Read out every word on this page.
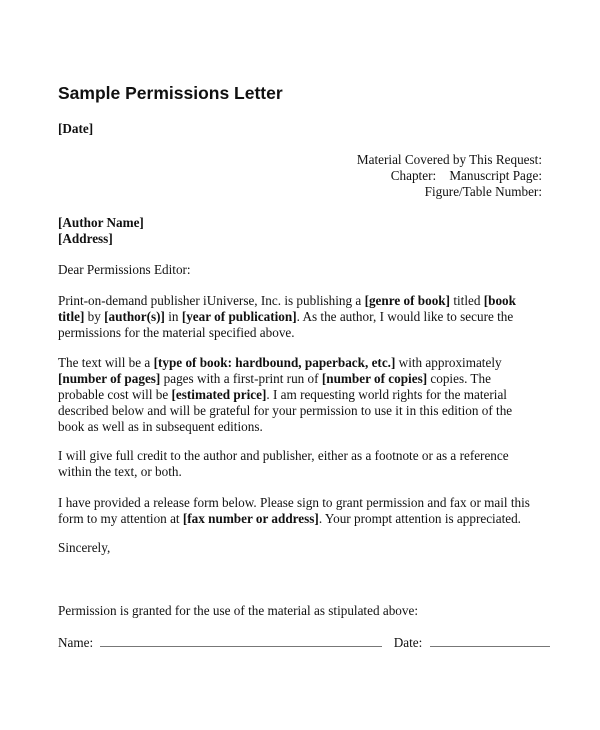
Sample Permissions Letter
[Date]
Material Covered by This Request:
Chapter: Manuscript Page:
Figure/Table Number:
[Author Name]
[Address]
Dear Permissions Editor:
Print-on-demand publisher iUniverse, Inc. is publishing a [genre of book] titled [book
title] by [author(s)] in [year of publication]. As the author, I would like to secure the
permissions for the material specified above.
The text will be a [type of book: hardbound, paperback, etc.] with approximately
[number of pages] pages with a first-print run of [number of copies] copies. The
probable cost will be [estimated price]. I am requesting world rights for the material
described below and will be grateful for your permission to use it in this edition of the
book as well as in subsequent editions.
I will give full credit to the author and publisher, either as a footnote or as a reference
within the text, or both.
I have provided a release form below. Please sign to grant permission and fax or mail this
form to my attention at [fax number or address]. Your prompt attention is appreciated.
Sincerely,
Permission is granted for the use of the material as stipulated above:
Name:	Date:
